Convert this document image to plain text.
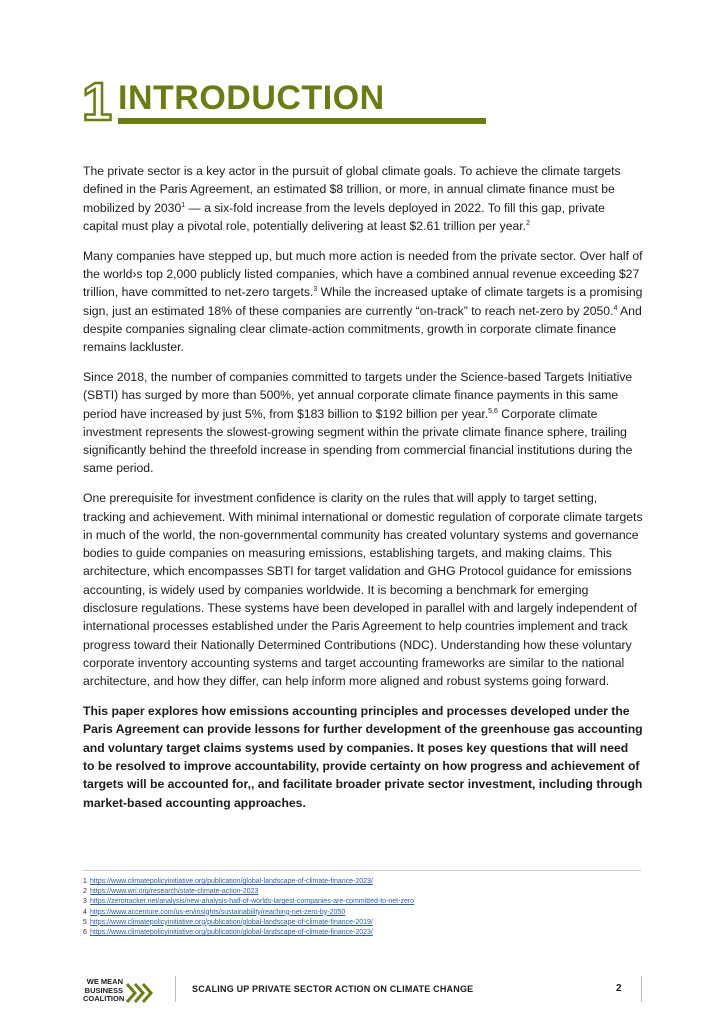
1 INTRODUCTION

The private sector is a key actor in the pursuit of global climate goals. To achieve the climate targets defined in the Paris Agreement, an estimated $8 trillion, or more, in annual climate finance must be mobilized by 2030$^1$ — a six-fold increase from the levels deployed in 2022. To fill this gap, private capital must play a pivotal role, potentially delivering at least $2.61 trillion per year.$^2$

Many companies have stepped up, but much more action is needed from the private sector. Over half of the world›s top 2,000 publicly listed companies, which have a combined annual revenue exceeding $27 trillion, have committed to net-zero targets.$^3$ While the increased uptake of climate targets is a promising sign, just an estimated 18% of these companies are currently “on-track” to reach net-zero by 2050.$^4$ And despite companies signaling clear climate-action commitments, growth in corporate climate finance remains lackluster.

Since 2018, the number of companies committed to targets under the Science-based Targets Initiative (SBTI) has surged by more than 500%, yet annual corporate climate finance payments in this same period have increased by just 5%, from $183 billion to $192 billion per year.$^{5,6}$ Corporate climate investment represents the slowest-growing segment within the private climate finance sphere, trailing significantly behind the threefold increase in spending from commercial financial institutions during the same period.

One prerequisite for investment confidence is clarity on the rules that will apply to target setting, tracking and achievement. With minimal international or domestic regulation of corporate climate targets in much of the world, the non-governmental community has created voluntary systems and governance bodies to guide companies on measuring emissions, establishing targets, and making claims. This architecture, which encompasses SBTI for target validation and GHG Protocol guidance for emissions accounting, is widely used by companies worldwide. It is becoming a benchmark for emerging disclosure regulations. These systems have been developed in parallel with and largely independent of international processes established under the Paris Agreement to help countries implement and track progress toward their Nationally Determined Contributions (NDC). Understanding how these voluntary corporate inventory accounting systems and target accounting frameworks are similar to the national architecture, and how they differ, can help inform more aligned and robust systems going forward.

This paper explores how emissions accounting principles and processes developed under the Paris Agreement can provide lessons for further development of the greenhouse gas accounting and voluntary target claims systems used by companies. It poses key questions that will need to be resolved to improve accountability, provide certainty on how progress and achievement of targets will be accounted for,, and facilitate broader private sector investment, including through market-based accounting approaches.

1 https://www.climatepolicyinitiative.org/publication/global-landscape-of-climate-finance-2023/
2 https://www.wri.org/research/state-climate-action-2023
3 https://zerotracker.net/analysis/new-analysis-half-of-worlds-largest-companies-are-committed-to-net-zero
4 https://www.accenture.com/us-en/insights/sustainability/reaching-net-zero-by-2050
5 https://www.climatepolicyinitiative.org/publication/global-landscape-of-climate-finance-2019/
6 https://www.climatepolicyinitiative.org/publication/global-landscape-of-climate-finance-2023/
WE MEAN
BUSINESS
COALITION
SCALING UP PRIVATE SECTOR ACTION ON CLIMATE CHANGE	2
